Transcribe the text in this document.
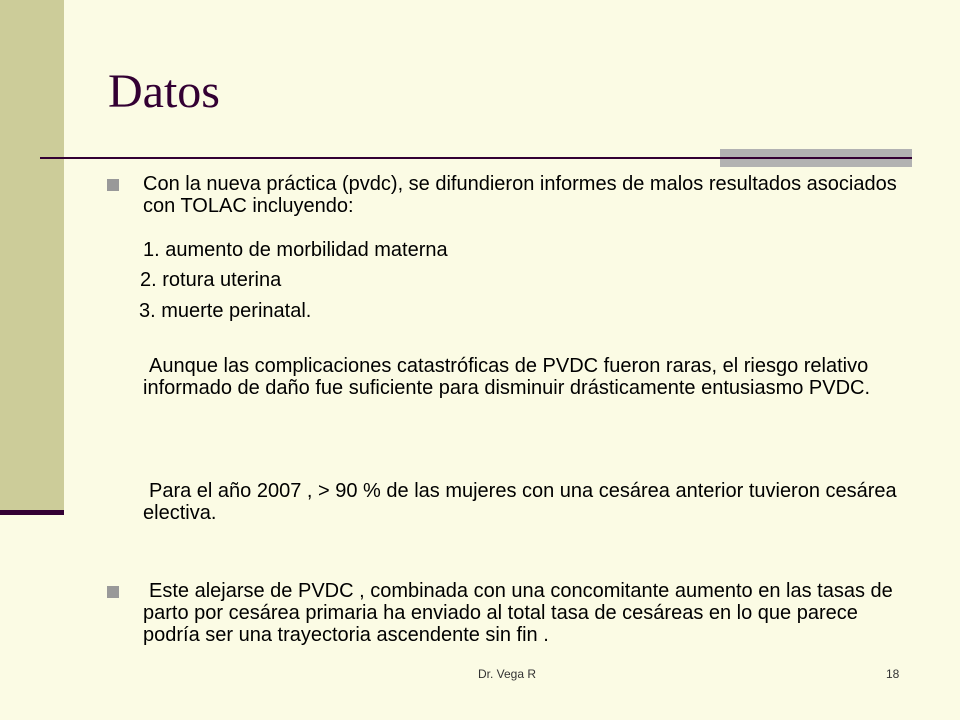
Datos

Con la nueva práctica (pvdc), se difundieron informes de malos resultados asociados con TOLAC incluyendo:

1. aumento de morbilidad materna

2. rotura uterina

3. muerte perinatal.

Aunque las complicaciones catastróficas de PVDC fueron raras, el riesgo relativo informado de daño fue suficiente para disminuir drásticamente entusiasmo PVDC.

Para el año 2007 , > 90 % de las mujeres con una cesárea anterior tuvieron cesárea electiva.

Este alejarse de PVDC , combinada con una concomitante aumento en las tasas de parto por cesárea primaria ha enviado al total tasa de cesáreas en lo que parece podría ser una trayectoria ascendente sin fin .

Dr. Vega R	18
